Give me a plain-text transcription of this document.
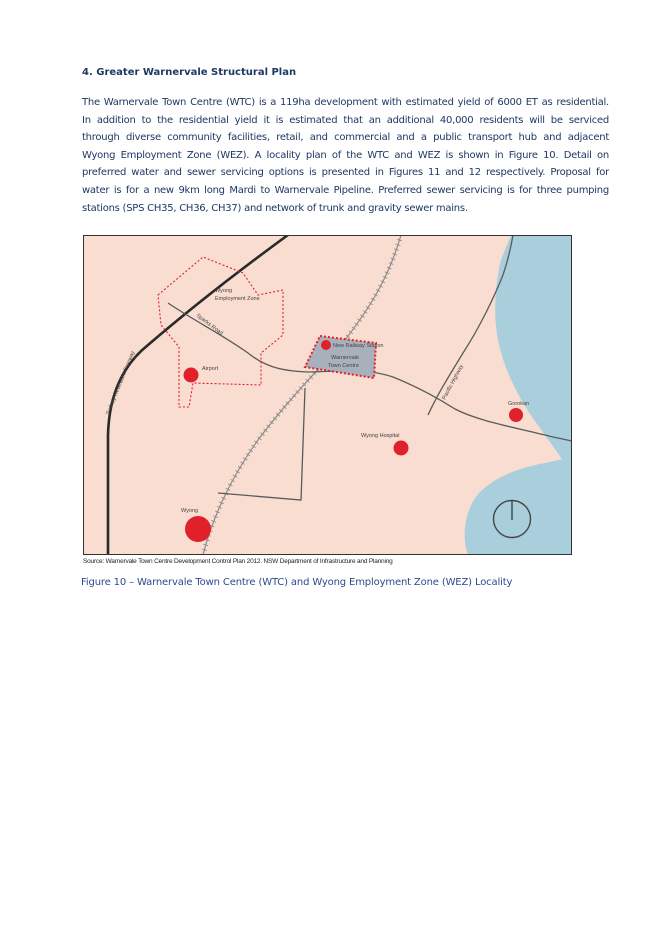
4. Greater Warnervale Structural Plan
The Warnervale Town Centre (WTC) is a 119ha development with estimated yield of 6000 ET as residential.
In addition to the residential yield it is estimated that an additional 40,000 residents will be serviced
through diverse community facilities, retail, and commercial and a public transport hub and adjacent
Wyong Employment Zone (WEZ). A locality plan of the WTC and WEZ is shown in Figure 10. Detail on
preferred water and sewer servicing options is presented in Figures 11 and 12 respectively. Proposal for
water is for a new 9km long Mardi to Warnervale Pipeline. Preferred sewer servicing is for three pumping
stations (SPS CH35, CH36, CH37) and network of trunk and gravity sewer mains.
Wyong
Employment Zone
Sparks Road
Airport
New Railway Station
Warnervale
Town Centre	Pacific Highway
Sydney-Newcastle Freeway	Gorokan
Wyong Hospital
Wyong
Source: Warnervale Town Centre Development Control Plan 2012. NSW Department of Infrastructure and Planning
Figure 10 – Warnervale Town Centre (WTC) and Wyong Employment Zone (WEZ) Locality
